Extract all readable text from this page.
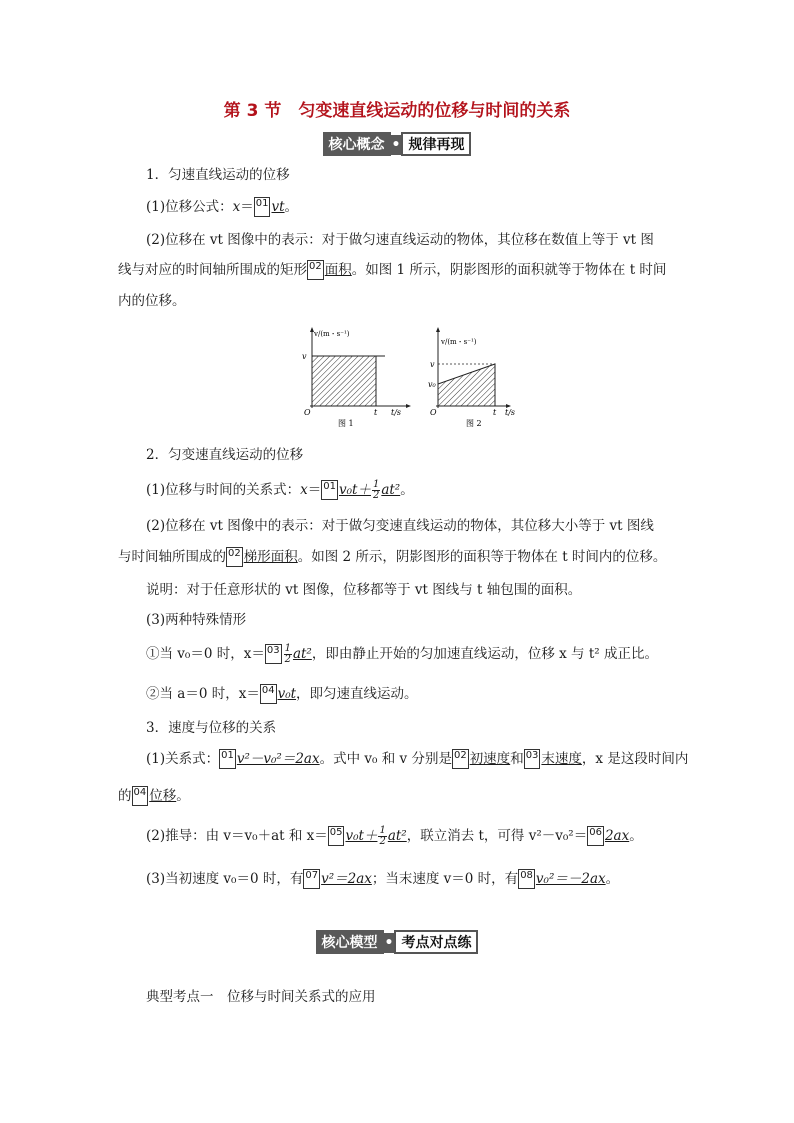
第 3 节　匀变速直线运动的位移与时间的关系
核心概念 • 规律再现
1．匀速直线运动的位移
(1)位移公式：x＝ 01 vt。
(2)位移在 vt 图像中的表示：对于做匀速直线运动的物体，其位移在数值上等于 vt 图
线与对应的时间轴所围成的矩形 02 面积。如图 1 所示，阴影图形的面积就等于物体在 t 时间
内的位移。
v/(m・s⁻¹)
v
O	t t/s
图 1
v/(m・s⁻¹)
v
v₀
O	t t/s
图 2
2．匀变速直线运动的位移
(1)位移与时间的关系式：x＝ 01 $v_0t+ \frac{1}{2} at^2$。
(2)位移在 vt 图像中的表示：对于做匀变速直线运动的物体，其位移大小等于 vt 图线
与时间轴所围成的 02 梯形面积。如图 2 所示，阴影图形的面积等于物体在 t 时间内的位移。
说明：对于任意形状的 vt 图像，位移都等于 vt 图线与 t 轴包围的面积。
(3)两种特殊情形
①当 v₀＝0 时，$x= 03 \frac{1}{2} at^2$，即由静止开始的匀加速直线运动，位移 x 与 t² 成正比。
②当 a＝0 时，x＝ 04 v₀t，即匀速直线运动。
3．速度与位移的关系
(1)关系式： 01 v²－v₀²＝2ax。式中 v₀ 和 v 分别是 02 初速度和 03 末速度，x 是这段时间内
的 04 位移。
(2)推导：由 v＝v₀＋at 和 x＝ 05 $v_0t+ \frac{1}{2} at^2$，联立消去 t，可得 v²－v₀²＝ 06 2ax。
(3)当初速度 v₀＝0 时，有 07 v²＝2ax；当末速度 v＝0 时，有 08 v₀²＝－2ax。
核心模型 • 考点对点练
典型考点一　位移与时间关系式的应用
